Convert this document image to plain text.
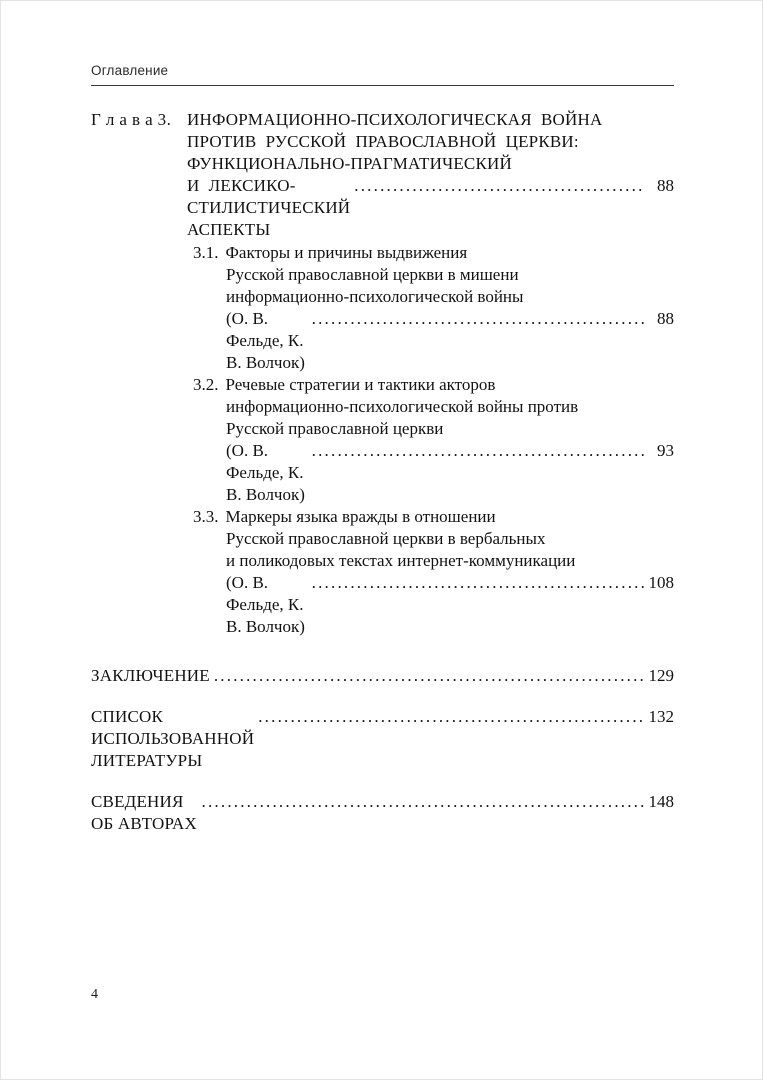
Оглавление
Г л а в а 3. ИНФОРМАЦИОННО-ПСИХОЛОГИЧЕСКАЯ ВОЙНА
ПРОТИВ РУССКОЙ ПРАВОСЛАВНОЙ ЦЕРКВИ:
ФУНКЦИОНАЛЬНО-ПРАГМАТИЧЕСКИЙ
И ЛЕКСИКО-СТИЛИСТИЧЕСКИЙ АСПЕКТЫ
.....
88
3.1. Факторы и причины выдвижения
Русской православной церкви в мишени
информационно-психологической войны
(О. В. Фельде, К. В. Волчок)
.....
88
3.2. Речевые стратегии и тактики акторов
информационно-психологической войны против
Русской православной церкви
(О. В. Фельде, К. В. Волчок)
.....
93
3.3. Маркеры языка вражды в отношении
Русской православной церкви в вербальных
и поликодовых текстах интернет-коммуникации
(О. В. Фельде, К. В. Волчок)
.....
108
ЗАКЛЮЧЕНИЕ .....	129
СПИСОК ИСПОЛЬЗОВАННОЙ ЛИТЕРАТУРЫ
.....
132
СВЕДЕНИЯ ОБ АВТОРАХ
.....
148
4
